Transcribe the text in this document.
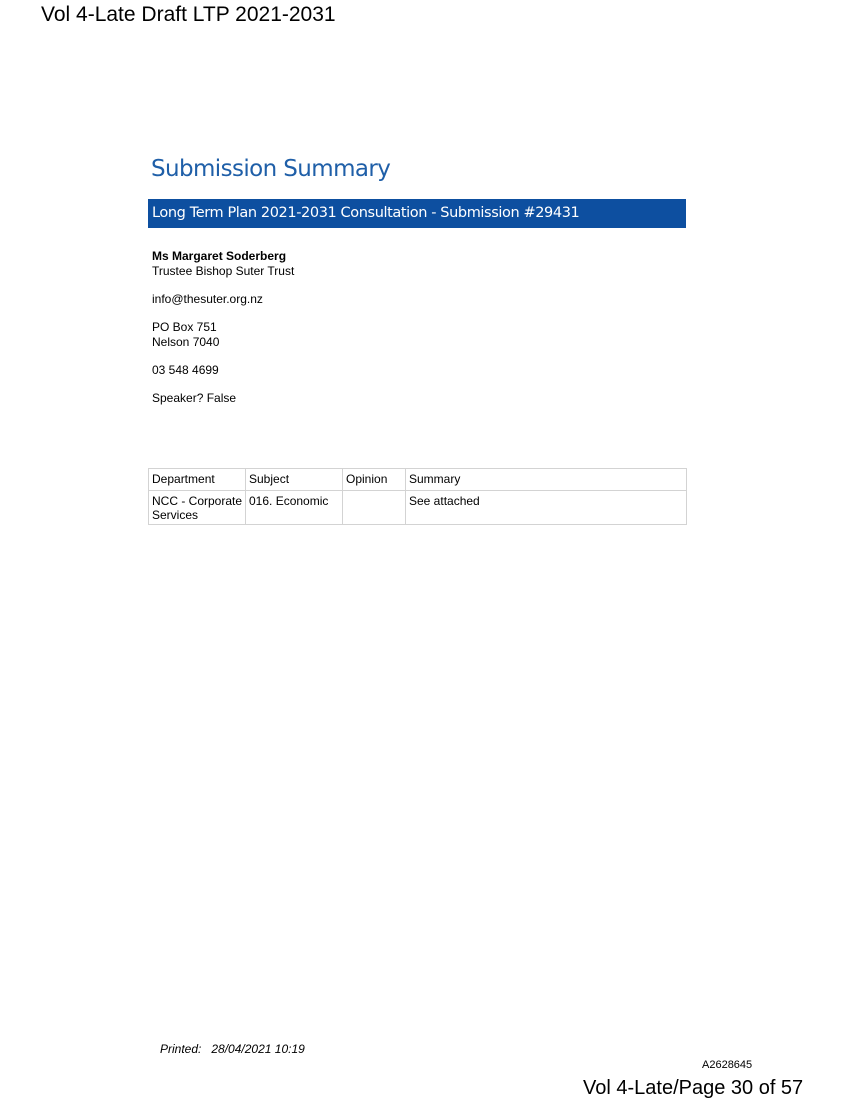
Vol 4-Late Draft LTP 2021-2031
Submission Summary
Long Term Plan 2021-2031 Consultation - Submission #29431
Ms Margaret Soderberg
Trustee Bishop Suter Trust
info@thesuter.org.nz
PO Box 751
Nelson 7040
03 548 4699
Speaker? False
Department	Subject	Opinion	Summary
NCC - Corporate Services	016. Economic		See attached
Printed: 28/04/2021 10:19
A2628645
Vol 4-Late/Page 30 of 57
